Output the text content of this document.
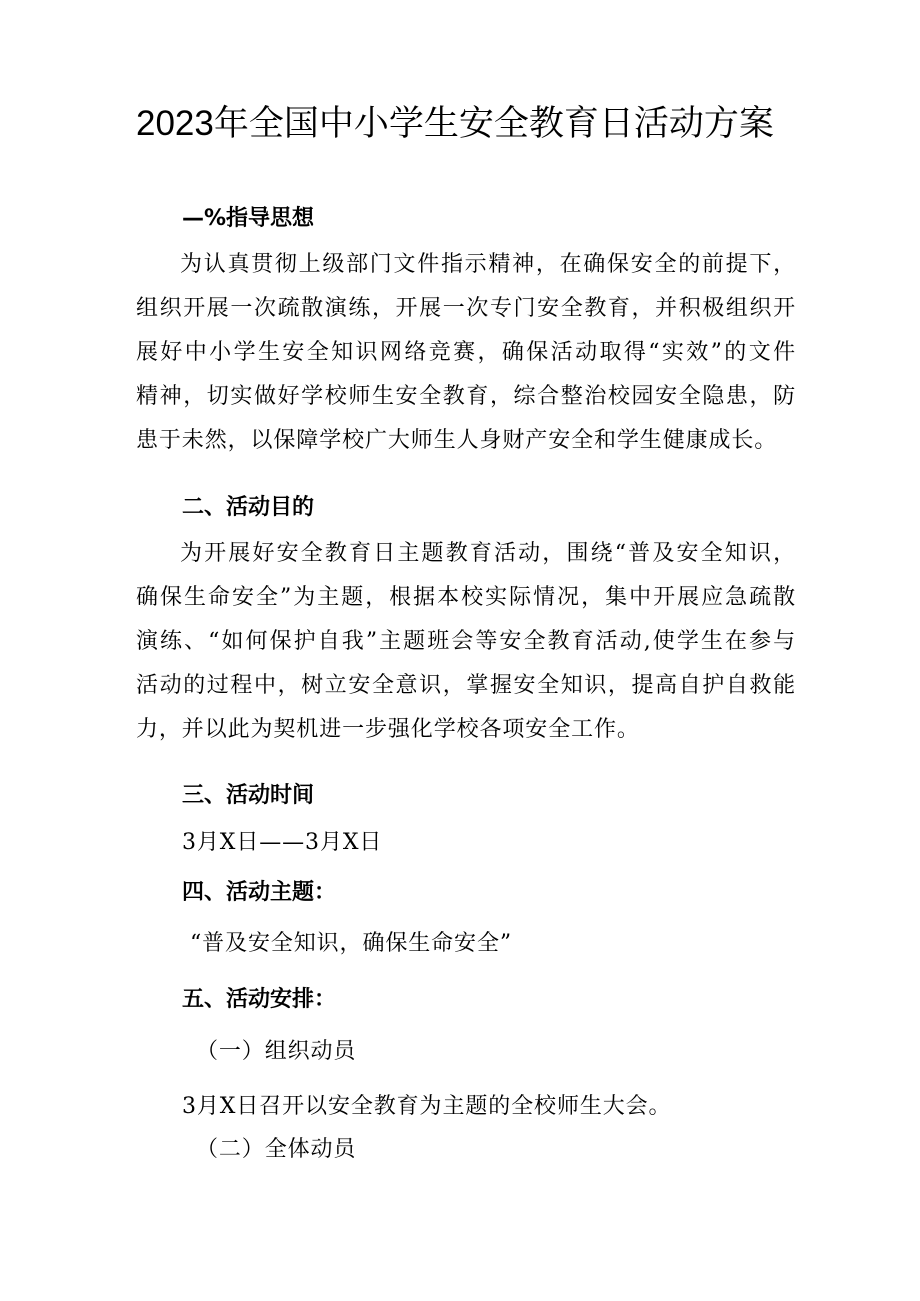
2023年全国中小学生安全教育日活动方案
—%指导思想
为认真贯彻上级部门文件指示精神，在确保安全的前提下，
组织开展一次疏散演练，开展一次专门安全教育，并积极组织开
展好中小学生安全知识网络竞赛，确保活动取得“实效”的文件
精神，切实做好学校师生安全教育，综合整治校园安全隐患，防
患于未然，以保障学校广大师生人身财产安全和学生健康成长。
二、活动目的
为开展好安全教育日主题教育活动，围绕“普及安全知识，
确保生命安全”为主题，根据本校实际情况，集中开展应急疏散
演练、“如何保护自我”主题班会等安全教育活动,使学生在参与
活动的过程中，树立安全意识，掌握安全知识，提高自护自救能
力，并以此为契机进一步强化学校各项安全工作。
三、活动时间

3月X日——3月X日

四、活动主题：

“普及安全知识，确保生命安全”

五、活动安排：

（一）组织动员

3月X日召开以安全教育为主题的全校师生大会。

（二）全体动员
